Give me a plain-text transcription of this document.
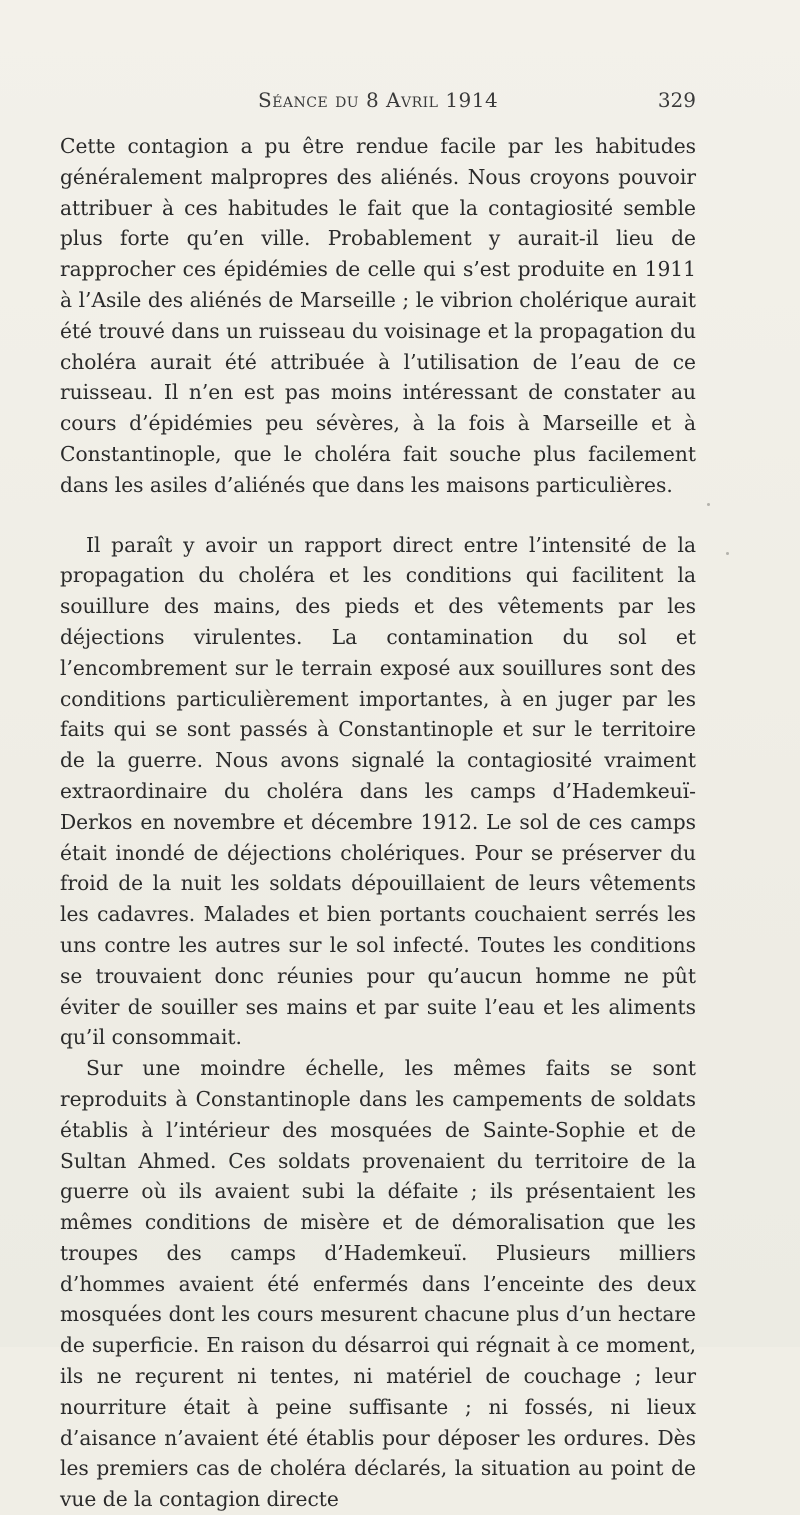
Séance du 8 Avril 1914	329

Cette contagion a pu être rendue facile par les habitudes généralement malpropres des aliénés. Nous croyons pouvoir attribuer à ces habitudes le fait que la contagiosité semble plus forte qu’en ville. Probablement y aurait-il lieu de rapprocher ces épidémies de celle qui s’est produite en 1911 à l’Asile des aliénés de Marseille ; le vibrion cholérique aurait été trouvé dans un ruisseau du voisinage et la propagation du choléra aurait été attribuée à l’utilisation de l’eau de ce ruisseau. Il n’en est pas moins intéressant de constater au cours d’épidémies peu sévères, à la fois à Marseille et à Constantinople, que le choléra fait souche plus facilement dans les asiles d’aliénés que dans les maisons particulières.

Il paraît y avoir un rapport direct entre l’intensité de la propagation du choléra et les conditions qui facilitent la souillure des mains, des pieds et des vêtements par les déjections virulentes. La contamination du sol et l’encombrement sur le terrain exposé aux souillures sont des conditions particulièrement importantes, à en juger par les faits qui se sont passés à Constantinople et sur le territoire de la guerre. Nous avons signalé la contagiosité vraiment extraordinaire du choléra dans les camps d’Hademkeuï-Derkos en novembre et décembre 1912. Le sol de ces camps était inondé de déjections cholériques. Pour se préserver du froid de la nuit les soldats dépouillaient de leurs vêtements les cadavres. Malades et bien portants couchaient serrés les uns contre les autres sur le sol infecté. Toutes les conditions se trouvaient donc réunies pour qu’aucun homme ne pût éviter de souiller ses mains et par suite l’eau et les aliments qu’il consommait.

Sur une moindre échelle, les mêmes faits se sont reproduits à Constantinople dans les campements de soldats établis à l’intérieur des mosquées de Sainte-Sophie et de Sultan Ahmed. Ces soldats provenaient du territoire de la guerre où ils avaient subi la défaite ; ils présentaient les mêmes conditions de misère et de démoralisation que les troupes des camps d’Hademkeuï. Plusieurs milliers d’hommes avaient été enfermés dans l’enceinte des deux mosquées dont les cours mesurent chacune plus d’un hectare de superficie. En raison du désarroi qui régnait à ce moment, ils ne reçurent ni tentes, ni matériel de couchage ; leur nourriture était à peine suffisante ; ni fossés, ni lieux d’aisance n’avaient été établis pour déposer les ordures. Dès les premiers cas de choléra déclarés, la situation au point de vue de la contagion directe
